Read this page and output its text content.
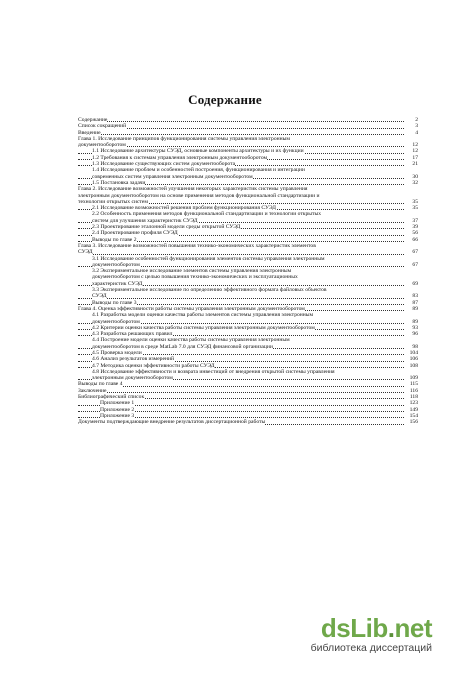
Содержание
Содержание	2
Список сокращений	3
Введение	4
Глава 1. Исследование принципов функционирования системы управления электронным
документооборотом	12
1.1 Исследование архитектуры СУЭД, основные компоненты архитектуры и их функции	12
1.2 Требования к системам управления электронным документооборотом	17
1.3 Исследование существующих систем документооборота	21
1.4 Исследование проблем и особенностей построения, функционирования и интеграции
современных систем управления электронным документооборотом	30
1.5 Постановка задачи	32
Глава 2. Исследование возможностей улучшения некоторых характеристик системы управления
электронным документооборотом на основе применения методов функциональной стандартизации и
технологии открытых систем	35
2.1 Исследование возможностей решения проблем функционирования СУЭД	35
2.2 Особенность применения методов функциональной стандартизации и технологии открытых
систем для улучшения характеристик СУЭД	37
2.3 Проектирование эталонной модели среды открытой СУЭД	39
2.4 Проектирование профиля СУЭД	56
Выводы по главе 2	66
Глава 3. Исследование возможностей повышения технико-экономических характеристик элементов
СУЭД	67
3.1 Исследование особенностей функционирования элементов системы управления электронным
документооборотом	67
3.2 Экспериментальное исследование элементов системы управления электронным
документооборотом с целью повышения технико-экономических и эксплуатационных
характеристик СУЭД	69
3.3 Экспериментальное исследование по определению эффективного формата файловых объектов
СУЭД	83
Выводы по главе 3	87
Глава 4. Оценка эффективности работы системы управления электронным документооборотом	89
4.1 Разработка модели оценки качества работы элементов системы управления электронным
документооборотом	89
4.2 Критерии оценки качества работы системы управления электронным документооборотом	93
4.3 Разработка решающих правил	96
4.4 Построение модели оценки качества работы системы управления электронным
документооборотом в среде MatLab 7.0 для СУЭД финансовой организации	98
4.5 Проверка модели	104
4.6 Анализ результатов измерений	106
4.7 Методика оценки эффективности работы СУЭД	108
4.8 Исследование эффективности и возврата инвестиций от внедрения открытой системы управления
электронным документооборотом	109
Выводы по главе 4	115
Заключение	116
Библиографический список	118
Приложение 1	123
Приложение 2	149
Приложение 3	154
Документы подтверждающие внедрение результатов диссертационной работы	156
dsLib.net
библиотека диссертаций
